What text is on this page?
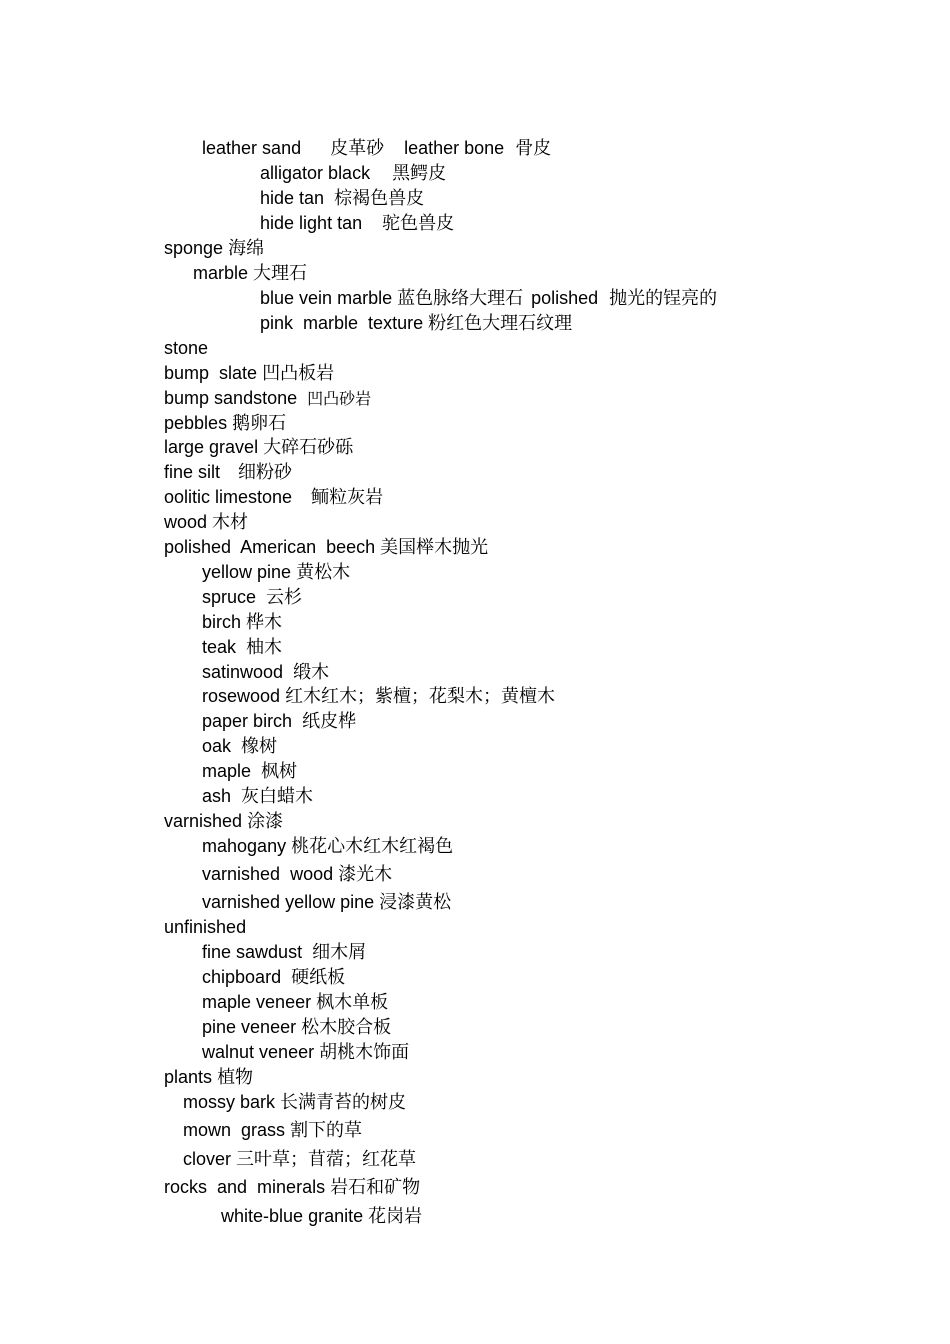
leather sand 皮革砂 leather bone 骨皮

alligator black 黑鳄皮

hide tan 棕褐色兽皮

hide light tan 驼色兽皮

sponge 海绵

marble 大理石

blue vein marble 蓝色脉络大理石 polished 抛光的锃亮的

pink  marble  texture 粉红色大理石纹理

stone

bump  slate 凹凸板岩

bump sandstone 凹凸砂岩

pebbles 鹅卵石

large gravel 大碎石砂砾

fine silt 细粉砂

oolitic limestone 鲕粒灰岩

wood 木材

polished  American  beech 美国榉木抛光

yellow pine 黄松木

spruce 云杉

birch 桦木

teak 柚木

satinwood 缎木

rosewood 红木红木；紫檀；花梨木；黄檀木

paper birch 纸皮桦

oak 橡树

maple 枫树

ash 灰白蜡木

varnished 涂漆

mahogany 桃花心木红木红褐色

varnished  wood 漆光木

varnished yellow pine 浸漆黄松

unfinished

fine sawdust 细木屑

chipboard 硬纸板

maple veneer 枫木单板

pine veneer 松木胶合板

walnut veneer 胡桃木饰面

plants 植物

mossy bark 长满青苔的树皮

mown  grass 割下的草

clover 三叶草；苜蓿；红花草

rocks  and  minerals 岩石和矿物

white-blue granite 花岗岩
